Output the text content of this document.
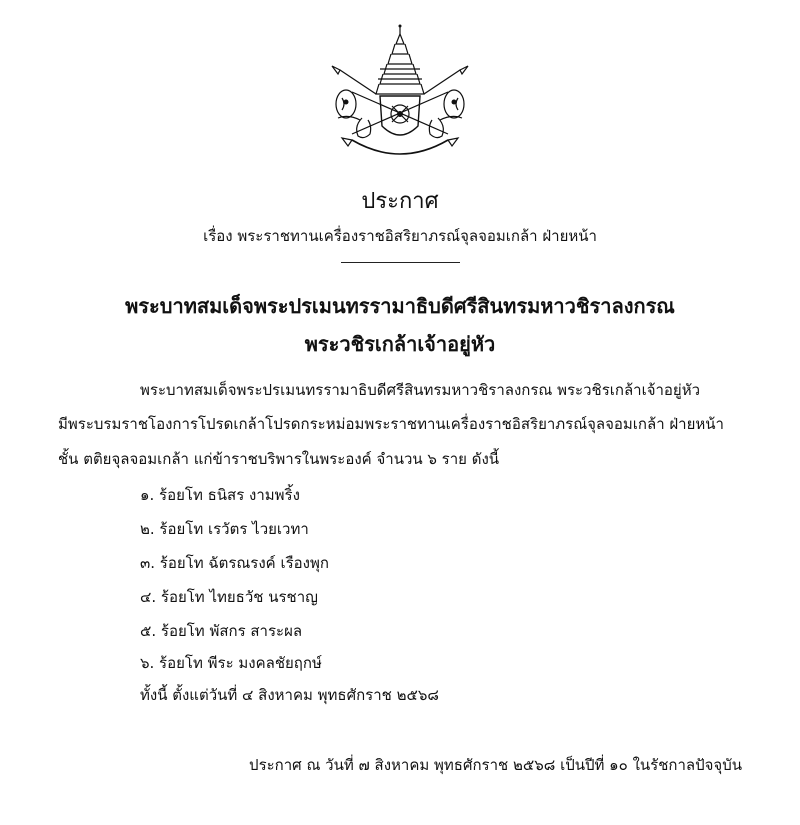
ประกาศ
เรื่อง พระราชทานเครื่องราชอิสริยาภรณ์จุลจอมเกล้า ฝ่ายหน้า
พระบาทสมเด็จพระปรเมนทรรามาธิบดีศรีสินทรมหาวชิราลงกรณ
พระวชิรเกล้าเจ้าอยู่หัว
พระบาทสมเด็จพระปรเมนทรรามาธิบดีศรีสินทรมหาวชิราลงกรณ พระวชิรเกล้าเจ้าอยู่หัว
มีพระบรมราชโองการโปรดเกล้าโปรดกระหม่อมพระราชทานเครื่องราชอิสริยาภรณ์จุลจอมเกล้า ฝ่ายหน้า
ชั้น ตติยจุลจอมเกล้า แก่ข้าราชบริพารในพระองค์ จำนวน ๖ ราย ดังนี้
๑. ร้อยโท ธนิสร งามพริ้ง
๒. ร้อยโท เรวัตร ไวยเวทา
๓. ร้อยโท ฉัตรณรงค์ เรืองพุก
๔. ร้อยโท ไทยธวัช นรชาญ
๕. ร้อยโท พัสกร สาระผล
๖. ร้อยโท พีระ มงคลชัยฤกษ์
ทั้งนี้ ตั้งแต่วันที่ ๔ สิงหาคม พุทธศักราช ๒๕๖๘
ประกาศ ณ วันที่ ๗ สิงหาคม พุทธศักราช ๒๕๖๘ เป็นปีที่ ๑๐ ในรัชกาลปัจจุบัน
